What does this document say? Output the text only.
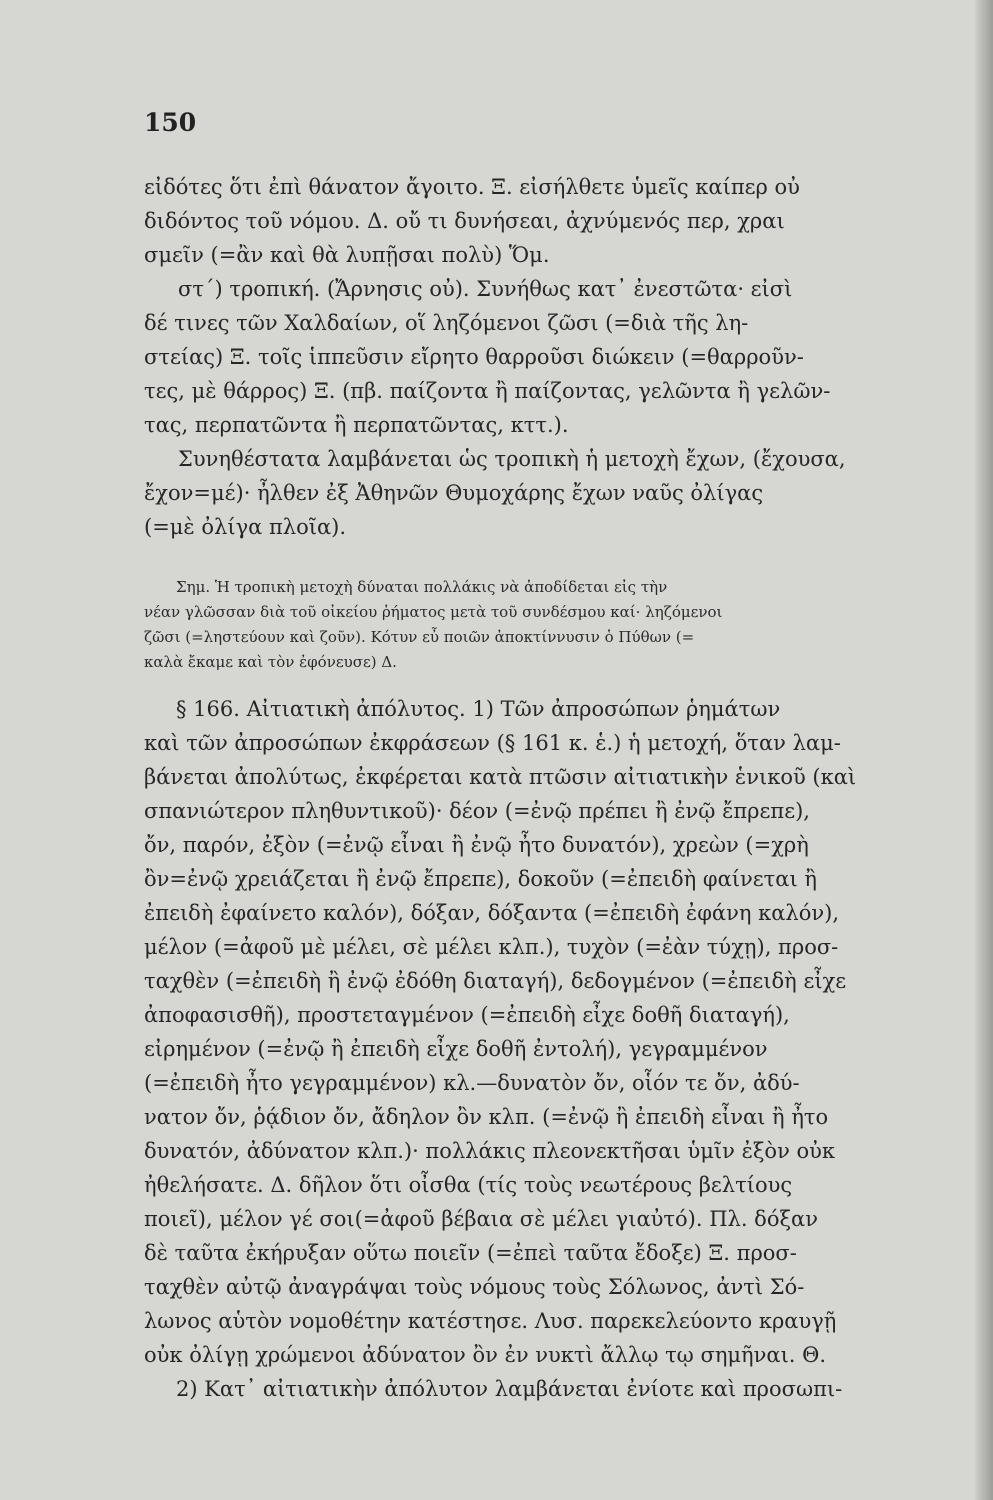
150
εἰδότες ὅτι ἐπὶ θάνατον ἄγοιτο. Ξ. εἰσήλθετε ὑμεῖς καίπερ οὐ
διδόντος τοῦ νόμου. Δ. οὔ τι δυνήσεαι, ἀχνύμενός περ, χραι
σμεῖν (=ἂν καὶ θὰ λυπῇσαι πολὺ) Ὅμ.
στ΄) τροπική. (Ἄρνησις οὐ). Συνήθως κατ᾽ ἐνεστῶτα· εἰσὶ
δέ τινες τῶν Χαλδαίων, οἵ ληζόμενοι ζῶσι (=διὰ τῆς λη-
στείας) Ξ. τοῖς ἱππεῦσιν εἴρητο θαρροῦσι διώκειν (=θαρροῦν-
τες, μὲ θάρρος) Ξ. (πβ. παίζοντα ἢ παίζοντας, γελῶντα ἢ γελῶν-
τας, περπατῶντα ἢ περπατῶντας, κττ.).
Συνηθέστατα λαμβάνεται ὡς τροπικὴ ἡ μετοχὴ ἔχων, (ἔχουσα,
ἔχον=μέ)· ἦλθεν ἐξ Ἀθηνῶν Θυμοχάρης ἔχων ναῦς ὀλίγας
(=μὲ ὀλίγα πλοῖα).
Σημ. Ἡ τροπικὴ μετοχὴ δύναται πολλάκις νὰ ἀποδίδεται εἰς τὴν
νέαν γλῶσσαν διὰ τοῦ οἰκείου ῥήματος μετὰ τοῦ συνδέσμου καί· ληζόμενοι
ζῶσι (=ληστεύουν καὶ ζοῦν). Κότυν εὖ ποιῶν ἀποκτίννυσιν ὁ Πύθων (=
καλὰ ἔκαμε καὶ τὸν ἐφόνευσε) Δ.
§ 166. Αἰτιατικὴ ἀπόλυτος. 1) Τῶν ἀπροσώπων ῥημάτων
καὶ τῶν ἀπροσώπων ἐκφράσεων (§ 161 κ. ἑ.) ἡ μετοχή, ὅταν λαμ-
βάνεται ἀπολύτως, ἐκφέρεται κατὰ πτῶσιν αἰτιατικὴν ἑνικοῦ (καὶ
σπανιώτερον πληθυντικοῦ)· δέον (=ἐνῷ πρέπει ἢ ἐνῷ ἔπρεπε),
ὄν, παρόν, ἐξὸν (=ἐνῷ εἶναι ἢ ἐνῷ ἦτο δυνατόν), χρεὼν (=χρὴ
ὂν=ἐνῷ χρειάζεται ἢ ἐνῷ ἔπρεπε), δοκοῦν (=ἐπειδὴ φαίνεται ἢ
ἐπειδὴ ἐφαίνετο καλόν), δόξαν, δόξαντα (=ἐπειδὴ ἐφάνη καλόν),
μέλον (=ἀφοῦ μὲ μέλει, σὲ μέλει κλπ.), τυχὸν (=ἐὰν τύχῃ), προσ-
ταχθὲν (=ἐπειδὴ ἢ ἐνῷ ἐδόθη διαταγή), δεδογμένον (=ἐπειδὴ εἶχε
ἀποφασισθῆ), προστεταγμένον (=ἐπειδὴ εἶχε δοθῆ διαταγή),
εἰρημένον (=ἐνῷ ἢ ἐπειδὴ εἶχε δοθῆ ἐντολή), γεγραμμένον
(=ἐπειδὴ ἦτο γεγραμμένον) κλ.—δυνατὸν ὄν, οἷόν τε ὄν, ἀδύ-
νατον ὄν, ῥᾴδιον ὄν, ἄδηλον ὂν κλπ. (=ἐνῷ ἢ ἐπειδὴ εἶναι ἢ ἦτο
δυνατόν, ἀδύνατον κλπ.)· πολλάκις πλεονεκτῆσαι ὑμῖν ἐξὸν οὐκ
ἠθελήσατε. Δ. δῆλον ὅτι οἶσθα (τίς τοὺς νεωτέρους βελτίους
ποιεῖ), μέλον γέ σοι(=ἀφοῦ βέβαια σὲ μέλει γιαὐτό). Πλ. δόξαν
δὲ ταῦτα ἐκήρυξαν οὕτω ποιεῖν (=ἐπεὶ ταῦτα ἔδοξε) Ξ. προσ-
ταχθὲν αὐτῷ ἀναγράψαι τοὺς νόμους τοὺς Σόλωνος, ἀντὶ Σό-
λωνος αὑτὸν νομοθέτην κατέστησε. Λυσ. παρεκελεύοντο κραυγῇ
οὐκ ὀλίγῃ χρώμενοι ἀδύνατον ὂν ἐν νυκτὶ ἄλλῳ τῳ σημῆναι. Θ.
2) Κατ᾽ αἰτιατικὴν ἀπόλυτον λαμβάνεται ἐνίοτε καὶ προσωπι-
